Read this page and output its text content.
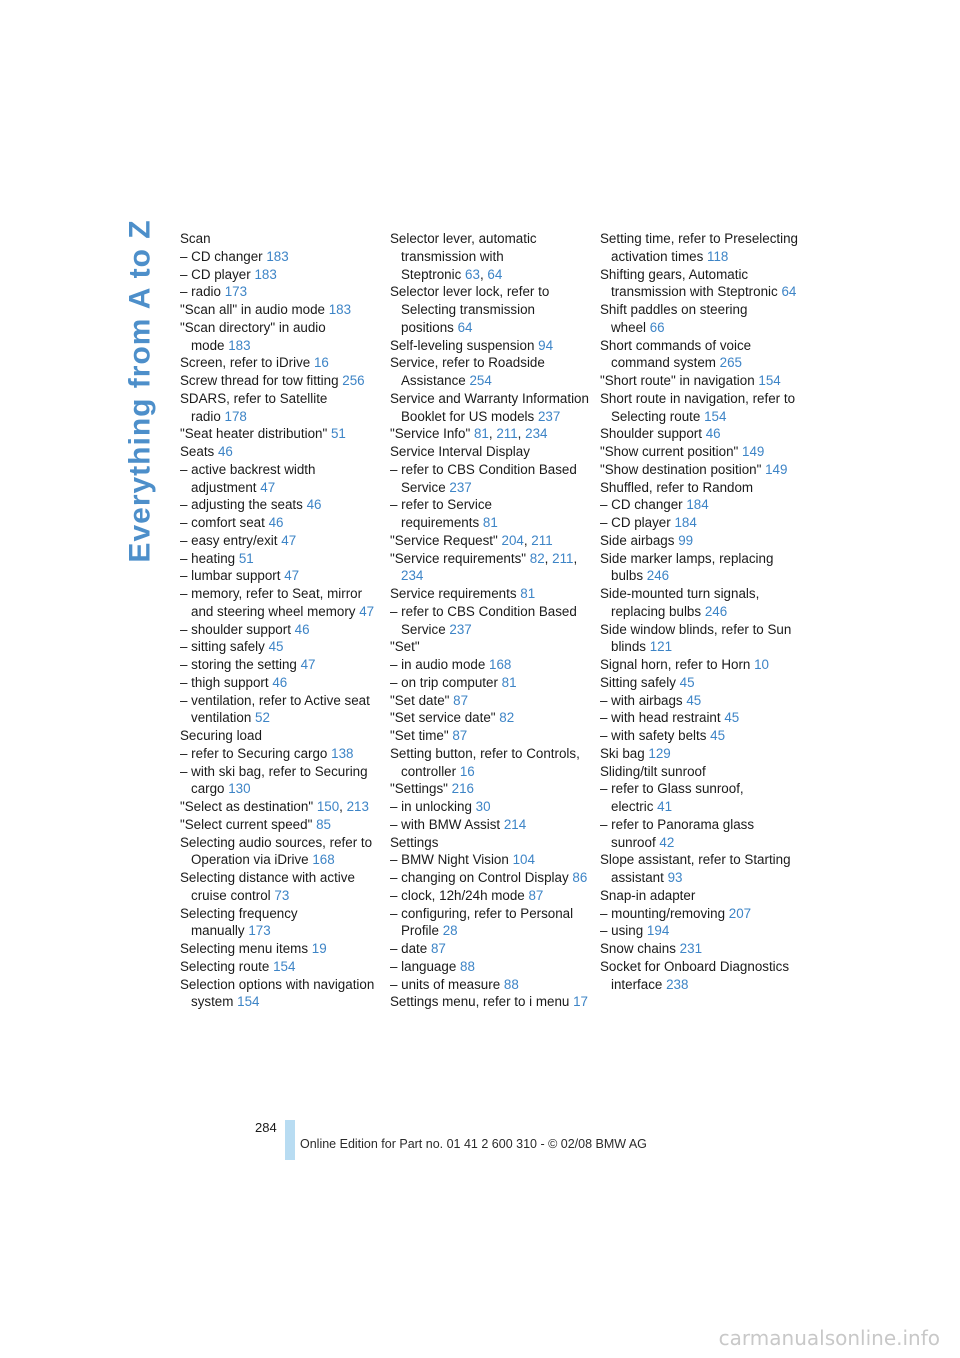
Everything from A to Z Scan

– CD changer 183

– CD player 183

– radio 173

"Scan all" in audio mode 183

"Scan directory" in audio mode 183

Screen, refer to iDrive 16

Screw thread for tow fitting 256

SDARS, refer to Satellite radio 178

"Seat heater distribution" 51

Seats 46

– active backrest width adjustment 47

– adjusting the seats 46

– comfort seat 46

– easy entry/exit 47

– heating 51

– lumbar support 47

– memory, refer to Seat, mirror and steering wheel memory 47

– shoulder support 46

– sitting safely 45

– storing the setting 47

– thigh support 46

– ventilation, refer to Active seat ventilation 52

Securing load

– refer to Securing cargo 138

– with ski bag, refer to Securing cargo 130

"Select as destination" 150, 213

"Select current speed" 85

Selecting audio sources, refer to Operation via iDrive 168

Selecting distance with active cruise control 73

Selecting frequency manually 173

Selecting menu items 19

Selecting route 154

Selection options with navigation system 154

Selector lever, automatic transmission with Steptronic 63, 64

Selector lever lock, refer to Selecting transmission positions 64

Self-leveling suspension 94

Service, refer to Roadside Assistance 254

Service and Warranty Information Booklet for US models 237

"Service Info" 81, 211, 234

Service Interval Display

– refer to CBS Condition Based Service 237

– refer to Service requirements 81

"Service Request" 204, 211

"Service requirements" 82, 211, 234

Service requirements 81

– refer to CBS Condition Based Service 237

"Set"

– in audio mode 168

– on trip computer 81

"Set date" 87

"Set service date" 82

"Set time" 87

Setting button, refer to Controls, controller 16

"Settings" 216

– in unlocking 30

– with BMW Assist 214

Settings

– BMW Night Vision 104

– changing on Control Display 86

– clock, 12h/24h mode 87

– configuring, refer to Personal Profile 28

– date 87

– language 88

– units of measure 88

Settings menu, refer to i menu 17

Setting time, refer to Preselecting activation times 118

Shifting gears, Automatic transmission with Steptronic 64

Shift paddles on steering wheel 66

Short commands of voice command system 265

"Short route" in navigation 154

Short route in navigation, refer to Selecting route 154

Shoulder support 46

"Show current position" 149

"Show destination position" 149

Shuffled, refer to Random

– CD changer 184

– CD player 184

Side airbags 99

Side marker lamps, replacing bulbs 246

Side-mounted turn signals, replacing bulbs 246

Side window blinds, refer to Sun blinds 121

Signal horn, refer to Horn 10

Sitting safely 45

– with airbags 45

– with head restraint 45

– with safety belts 45

Ski bag 129

Sliding/tilt sunroof

– refer to Glass sunroof, electric 41

– refer to Panorama glass sunroof 42

Slope assistant, refer to Starting assistant 93

Snap-in adapter

– mounting/removing 207

– using 194

Snow chains 231

Socket for Onboard Diagnostics interface 238

284
Online Edition for Part no. 01 41 2 600 310 - © 02/08 BMW AG
carmanualsonline.info
